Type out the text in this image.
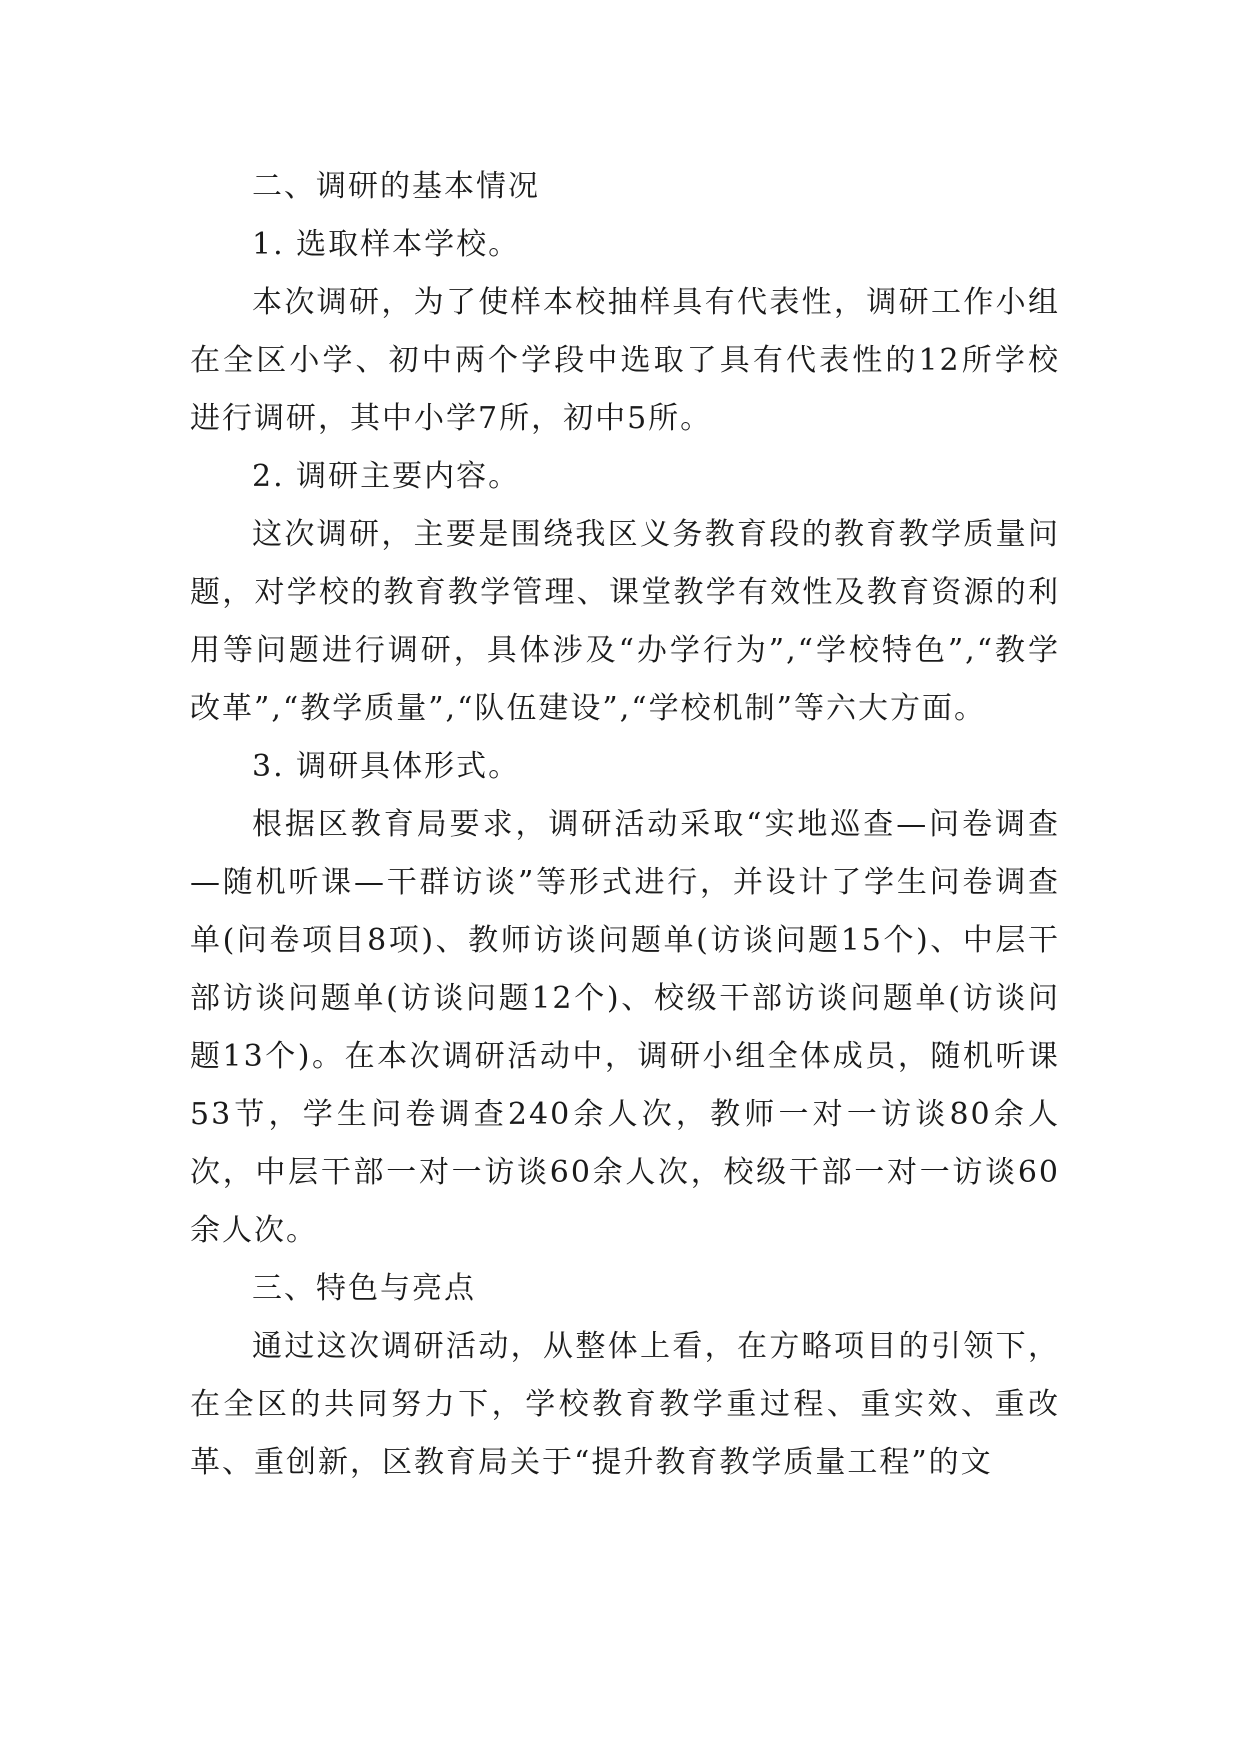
二、调研的基本情况

1. 选取样本学校。

本次调研，为了使样本校抽样具有代表性，调研工作小组在全区小学、初中两个学段中选取了具有代表性的12所学校进行调研，其中小学7所，初中5所。

2. 调研主要内容。

这次调研，主要是围绕我区义务教育段的教育教学质量问题，对学校的教育教学管理、课堂教学有效性及教育资源的利用等问题进行调研，具体涉及“办学行为”,“学校特色”,“教学改革”,“教学质量”,“队伍建设”,“学校机制”等六大方面。

3. 调研具体形式。

根据区教育局要求，调研活动采取“实地巡查—问卷调查—随机听课—干群访谈”等形式进行，并设计了学生问卷调查单(问卷项目8项)、教师访谈问题单(访谈问题15个)、中层干部访谈问题单(访谈问题12个)、校级干部访谈问题单(访谈问题13个)。在本次调研活动中，调研小组全体成员，随机听课53节，学生问卷调查240余人次，教师一对一访谈80余人次，中层干部一对一访谈60余人次，校级干部一对一访谈60余人次。

三、特色与亮点

通过这次调研活动，从整体上看，在方略项目的引领下，在全区的共同努力下，学校教育教学重过程、重实效、重改革、重创新，区教育局关于“提升教育教学质量工程”的文
